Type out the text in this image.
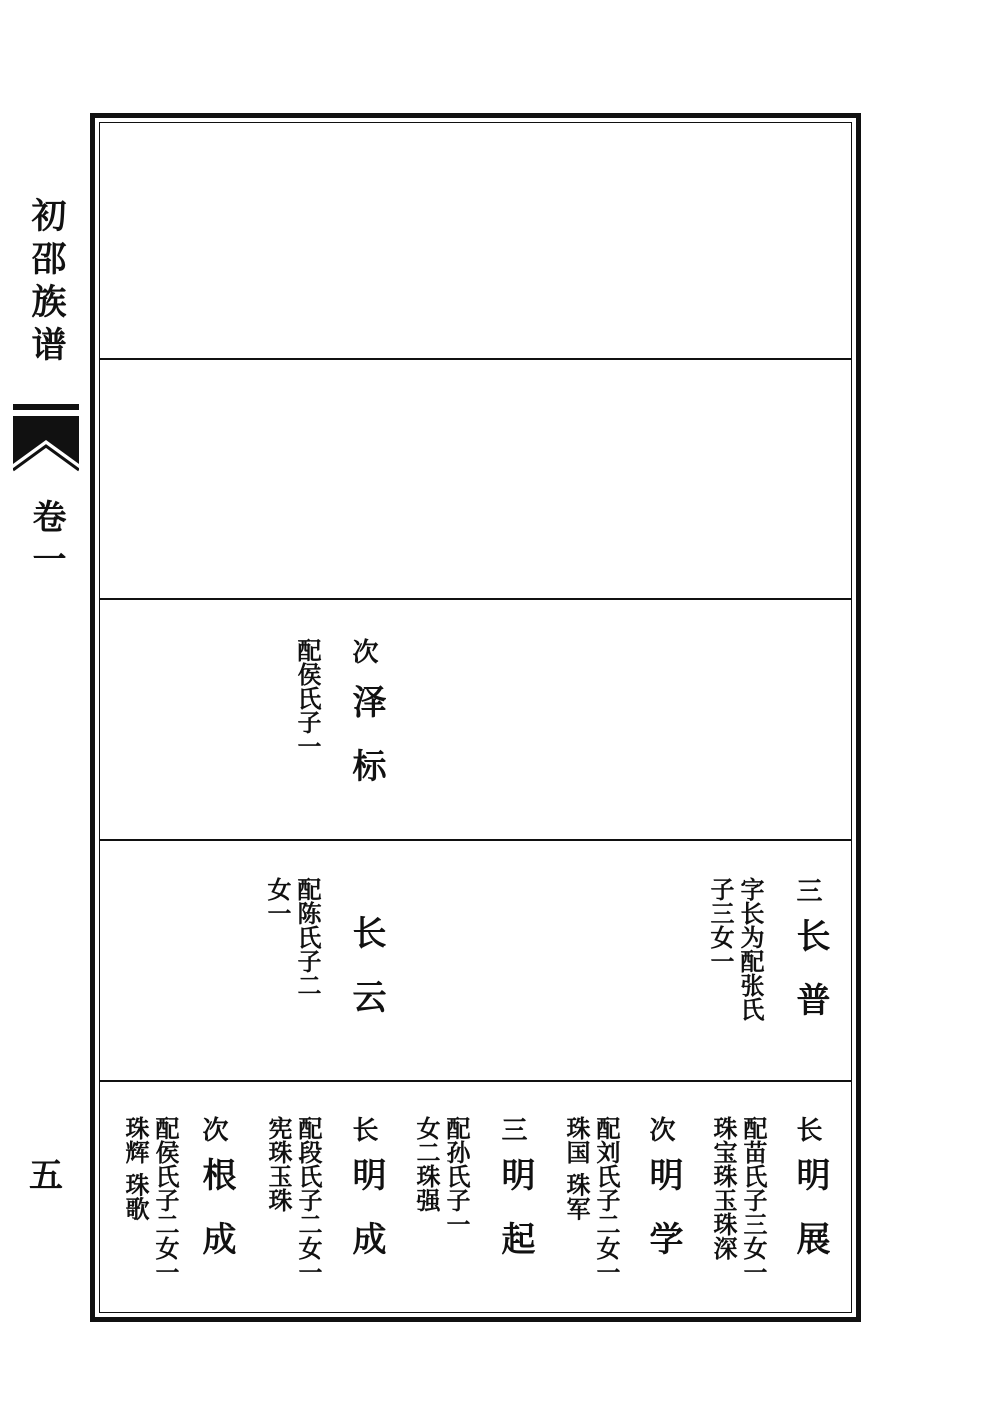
初邵族谱
卷一
五
次
泽标
配侯氏子一
长云
配陈氏子二
女一	三
长普
字长为配张氏
子三女一
长
明展
配苗氏子三女一
珠宝珠玉珠深
次
明学
配刘氏子二女一
珠国 珠军
三
明起
配孙氏子一
女二珠强
长
明成
配段氏子二女一
宪珠玉珠
次
根成
配侯氏子二女一
珠辉 珠歌
